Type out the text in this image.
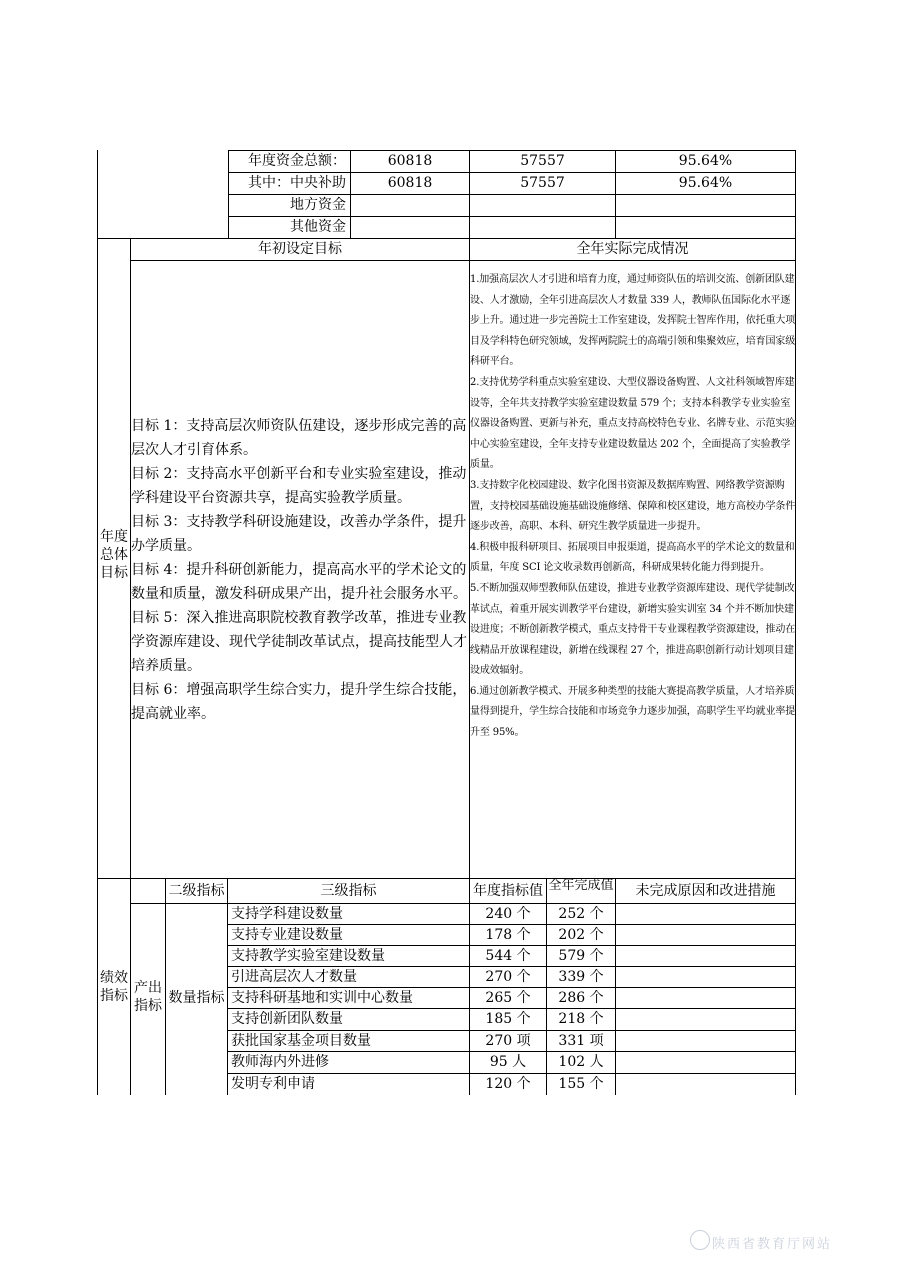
年度资金总额：	60818	57557	95.64%
其中：中央补助	60818	57557	95.64%
地方资金
其他资金
年初设定目标	全年实际完成情况
年度
总体
目标

目标 1：支持高层次师资队伍建设，逐步形成完善的高层次人才引育体系。

目标 2：支持高水平创新平台和专业实验室建设，推动学科建设平台资源共享，提高实验教学质量。

目标 3：支持教学科研设施建设，改善办学条件，提升办学质量。

目标 4：提升科研创新能力，提高高水平的学术论文的数量和质量，激发科研成果产出，提升社会服务水平。

目标 5：深入推进高职院校教育教学改革，推进专业教学资源库建设、现代学徒制改革试点，提高技能型人才培养质量。

目标 6：增强高职学生综合实力，提升学生综合技能，提高就业率。

1.加强高层次人才引进和培育力度，通过师资队伍的培训交流、创新团队建设、人才激励，全年引进高层次人才数量 339 人，教师队伍国际化水平逐步上升。通过进一步完善院士工作室建设，发挥院士智库作用，依托重大项目及学科特色研究领域，发挥两院院士的高端引领和集聚效应，培育国家级科研平台。

2.支持优势学科重点实验室建设、大型仪器设备购置、人文社科领域智库建设等，全年共支持教学实验室建设数量 579 个；支持本科教学专业实验室仪器设备购置、更新与补充，重点支持高校特色专业、名牌专业、示范实验中心实验室建设，全年支持专业建设数量达 202 个，全面提高了实验教学质量。

3.支持数字化校园建设、数字化图书资源及数据库购置、网络教学资源购置，支持校园基础设施基础设施修缮、保障和校区建设，地方高校办学条件逐步改善，高职、本科、研究生教学质量进一步提升。

4.积极申报科研项目、拓展项目申报渠道，提高高水平的学术论文的数量和质量，年度 SCI 论文收录数再创新高，科研成果转化能力得到提升。

5.不断加强双师型教师队伍建设，推进专业教学资源库建设、现代学徒制改革试点，着重开展实训教学平台建设，新增实验实训室 34 个并不断加快建设进度；不断创新教学模式，重点支持骨干专业课程教学资源建设，推动在线精品开放课程建设，新增在线课程 27 个，推进高职创新行动计划项目建设成效辐射。

6.通过创新教学模式、开展多种类型的技能大赛提高教学质量，人才培养质量得到提升，学生综合技能和市场竞争力逐步加强，高职学生平均就业率提升至 95%。

二级指标	三级指标	年度指标值 全年完成值	未完成原因和改进措施
绩效
指标
产出
指标
数量指标
支持学科建设数量	240 个	252 个
支持专业建设数量	178 个	202 个
支持教学实验室建设数量	544 个	579 个
引进高层次人才数量	270 个	339 个
支持科研基地和实训中心数量	265 个	286 个
支持创新团队数量	185 个	218 个
获批国家基金项目数量	270 项	331 项
教师海内外进修	95 人	102 人
发明专利申请	120 个	155 个
陕西省教育厅网站
